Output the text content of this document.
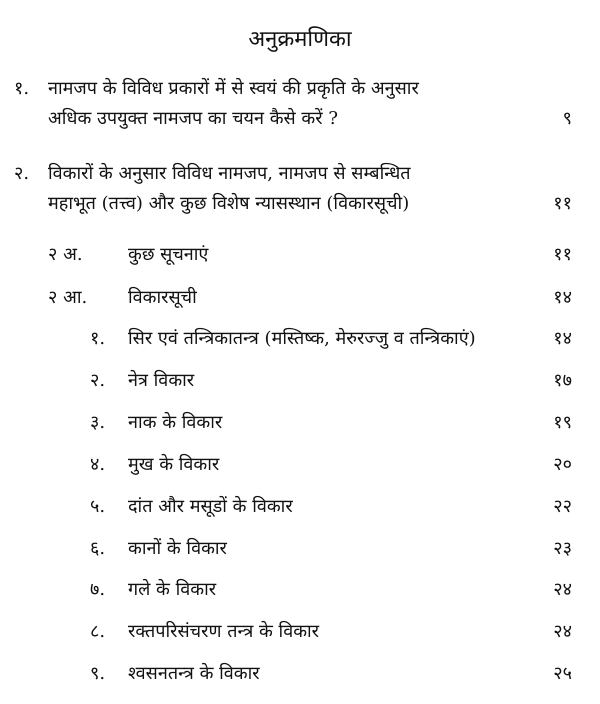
अनुक्रमणिका
१. नामजप के विविध प्रकारों में से स्वयं की प्रकृति के अनुसार
अधिक उपयुक्त नामजप का चयन कैसे करें ?	९
२. विकारों के अनुसार विविध नामजप, नामजप से सम्बन्धित
महाभूत (तत्त्व) और कुछ विशेष न्यासस्थान (विकारसूची)	११
२ अ.	कुछ सूचनाएं	११
२ आ. विकारसूची	१४
१. सिर एवं तन्त्रिकातन्त्र (मस्तिष्क, मेरुरज्जु व तन्त्रिकाएं)	१४
२. नेत्र विकार	१७
३. नाक के विकार	१९
४. मुख के विकार	२०
५. दांत और मसूडों के विकार	२२
६. कानों के विकार	२३
७. गले के विकार	२४
८. रक्तपरिसंचरण तन्त्र के विकार	२४
९. श्वसनतन्त्र के विकार	२५
